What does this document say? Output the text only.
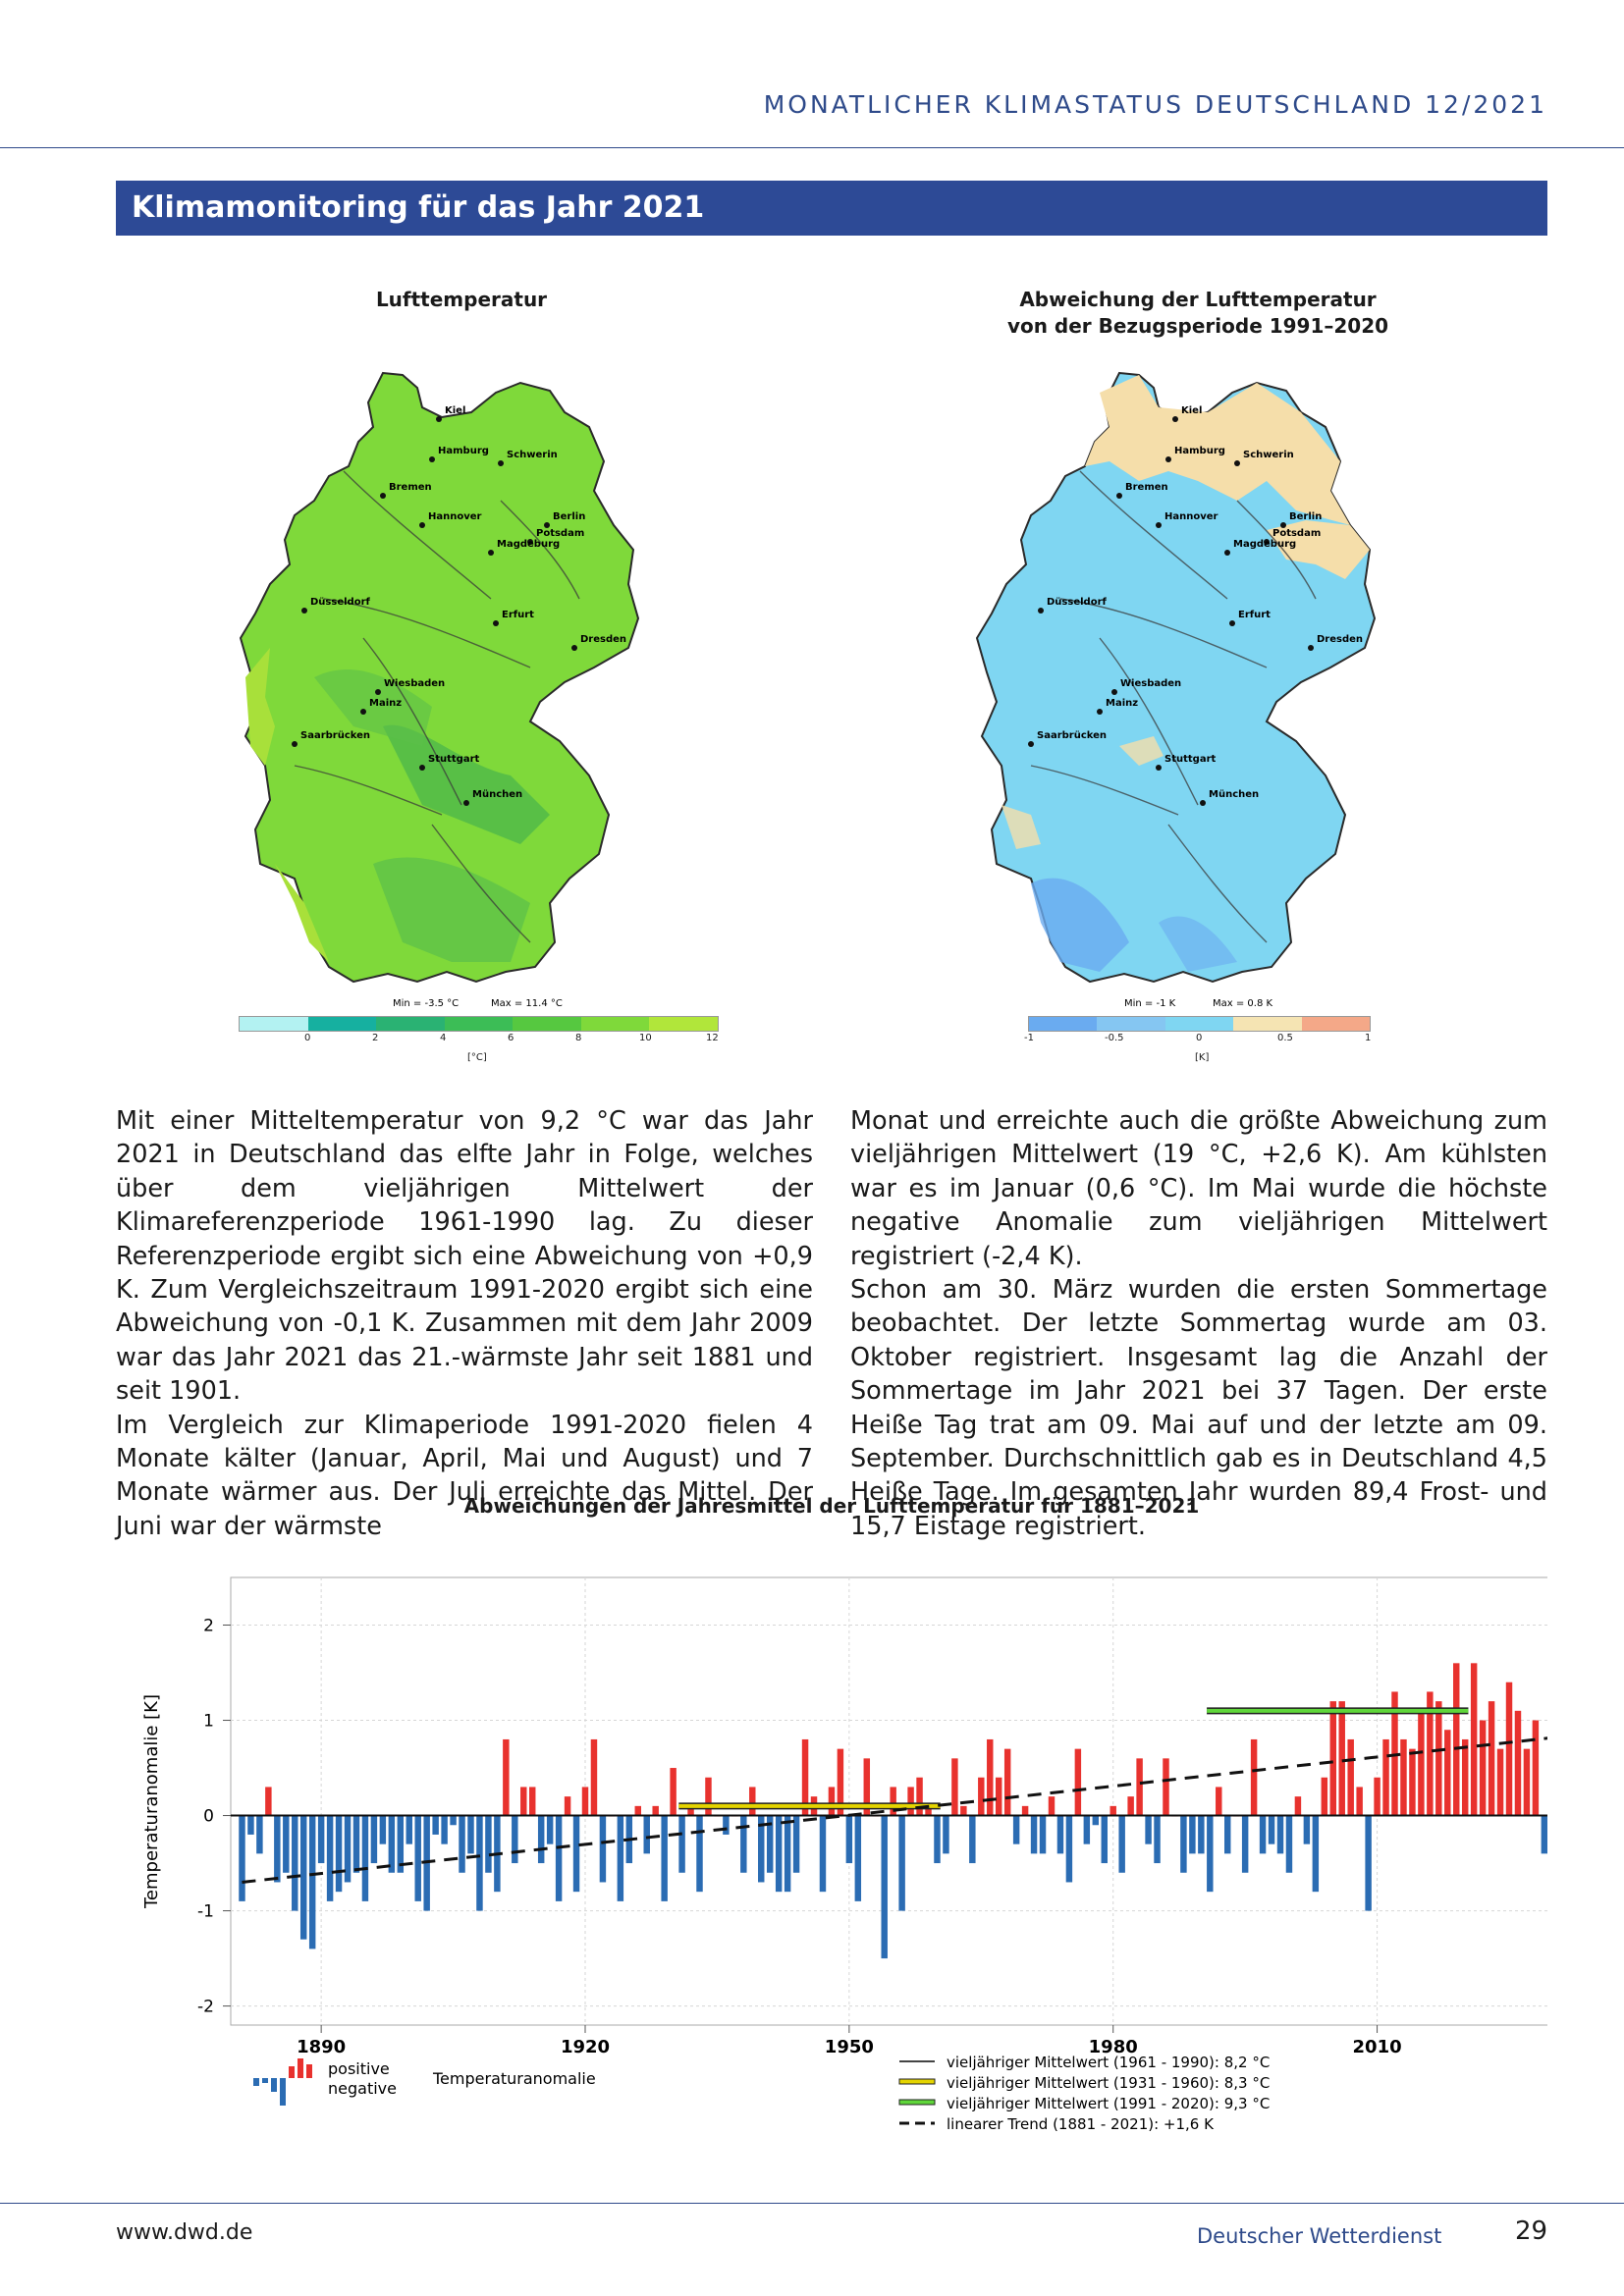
MONATLICHER KLIMASTATUS DEUTSCHLAND 12/2021
Klimamonitoring für das Jahr 2021
Lufttemperatur
Kiel
Hamburg Schwerin
Bremen
Hannover	Berlin
Potsdam
Magdeburg
Düsseldorf
Erfurt
Dresden
Wiesbaden
Mainz
Saarbrücken
Stuttgart
München
Min = -3.5 °C	Max = 11.4 °C
0	2	4	6	8	10	12
[°C]
Abweichung der Lufttemperatur
von der Bezugsperiode 1991–2020
Kiel
Hamburg Schwerin
Bremen
Hannover	Berlin
Potsdam
Magdeburg
Düsseldorf
Erfurt
Dresden
Wiesbaden
Mainz
Saarbrücken
Stuttgart
München
Min = -1 K	Max = 0.8 K
-1	-0.5	0	0.5	1
[K]

Mit einer Mitteltemperatur von 9,2 °C war das Jahr 2021 in Deutschland das elfte Jahr in Folge, welches über dem vieljährigen Mittelwert der Klimareferenzperiode 1961-1990 lag. Zu dieser Referenzperiode ergibt sich eine Abweichung von +0,9 K. Zum Vergleichszeitraum 1991-2020 ergibt sich eine Abweichung von -0,1 K. Zusammen mit dem Jahr 2009 war das Jahr 2021 das 21.-wärmste Jahr seit 1881 und seit 1901.

Im Vergleich zur Klimaperiode 1991-2020 fielen 4 Monate kälter (Januar, April, Mai und August) und 7 Monate wärmer aus. Der Juli erreichte das Mittel. Der Juni war der wärmste

Monat und erreichte auch die größte Abweichung zum vieljährigen Mittelwert (19 °C, +2,6 K). Am kühlsten war es im Januar (0,6 °C). Im Mai wurde die höchste negative Anomalie zum vieljährigen Mittelwert registriert (-2,4 K).

Schon am 30. März wurden die ersten Sommertage beobachtet. Der letzte Sommertag wurde am 03. Oktober registriert. Insgesamt lag die Anzahl der Sommertage im Jahr 2021 bei 37 Tagen. Der erste Heiße Tag trat am 09. Mai auf und der letzte am 09. September. Durchschnittlich gab es in Deutschland 4,5 Heiße Tage. Im gesamten Jahr wurden 89,4 Frost- und 15,7 Eistage registriert.

Abweichungen der Jahresmittel der Lufttemperatur für 1881–2021
2
1
0
-1
-2
1890	1920	1950	1980	2010
Temperaturanomalie [K]
positive
negative
Temperaturanomalie
vieljähriger Mittelwert (1961 - 1990): 8,2 °C
vieljähriger Mittelwert (1931 - 1960): 8,3 °C
vieljähriger Mittelwert (1991 - 2020): 9,3 °C
linearer Trend (1881 - 2021): +1,6 K
www.dwd.de	Deutscher Wetterdienst	29
